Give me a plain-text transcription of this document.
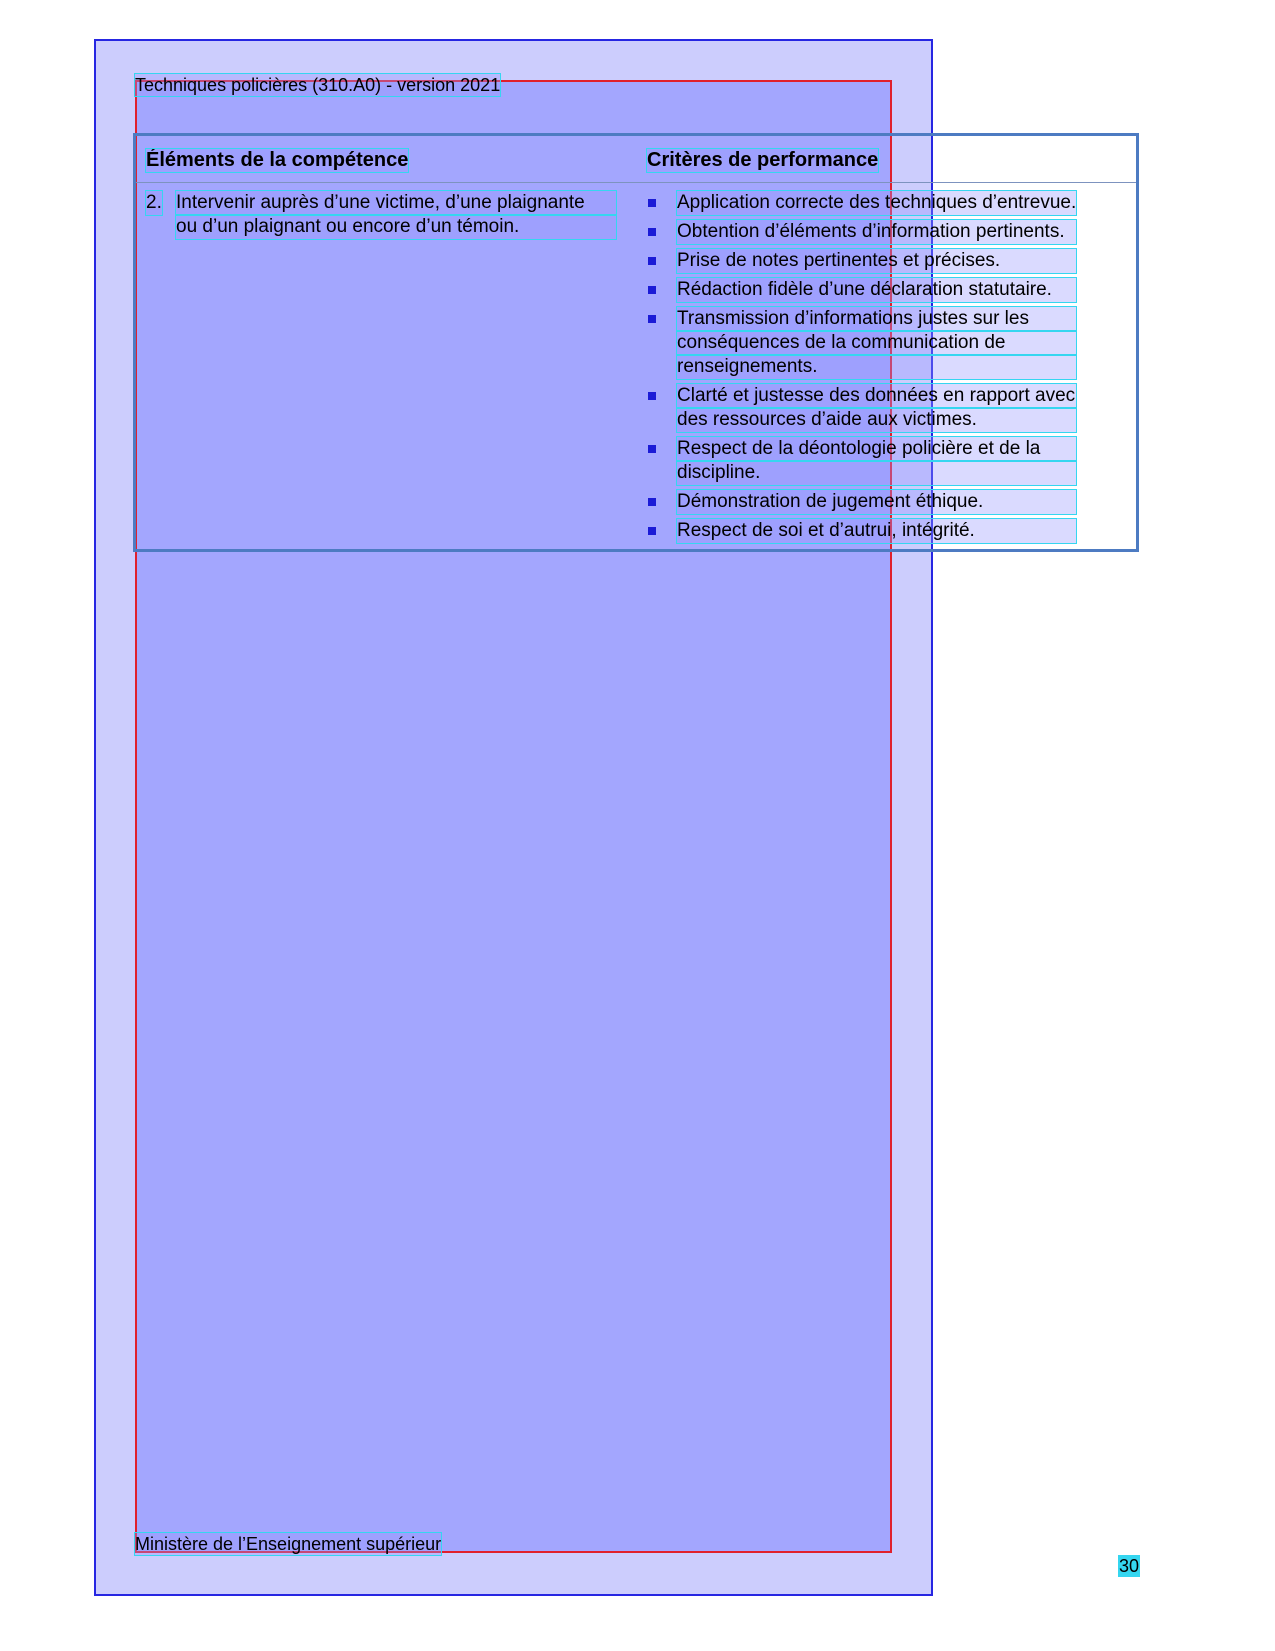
Techniques policières (310.A0) - version 2021
Éléments de la compétence	Critères de performance
2. Intervenir auprès d’une victime, d’une plaignante
ou d’un plaignant ou encore d’un témoin.
Application correcte des techniques d’entrevue.
Obtention d’éléments d’information pertinents.
Prise de notes pertinentes et précises.
Rédaction fidèle d’une déclaration statutaire.
Transmission d’informations justes sur les
conséquences de la communication de
renseignements.
Clarté et justesse des données en rapport avec
des ressources d’aide aux victimes.
Respect de la déontologie policière et de la
discipline.
Démonstration de jugement éthique.
Respect de soi et d’autrui, intégrité.
Ministère de l’Enseignement supérieur
30
